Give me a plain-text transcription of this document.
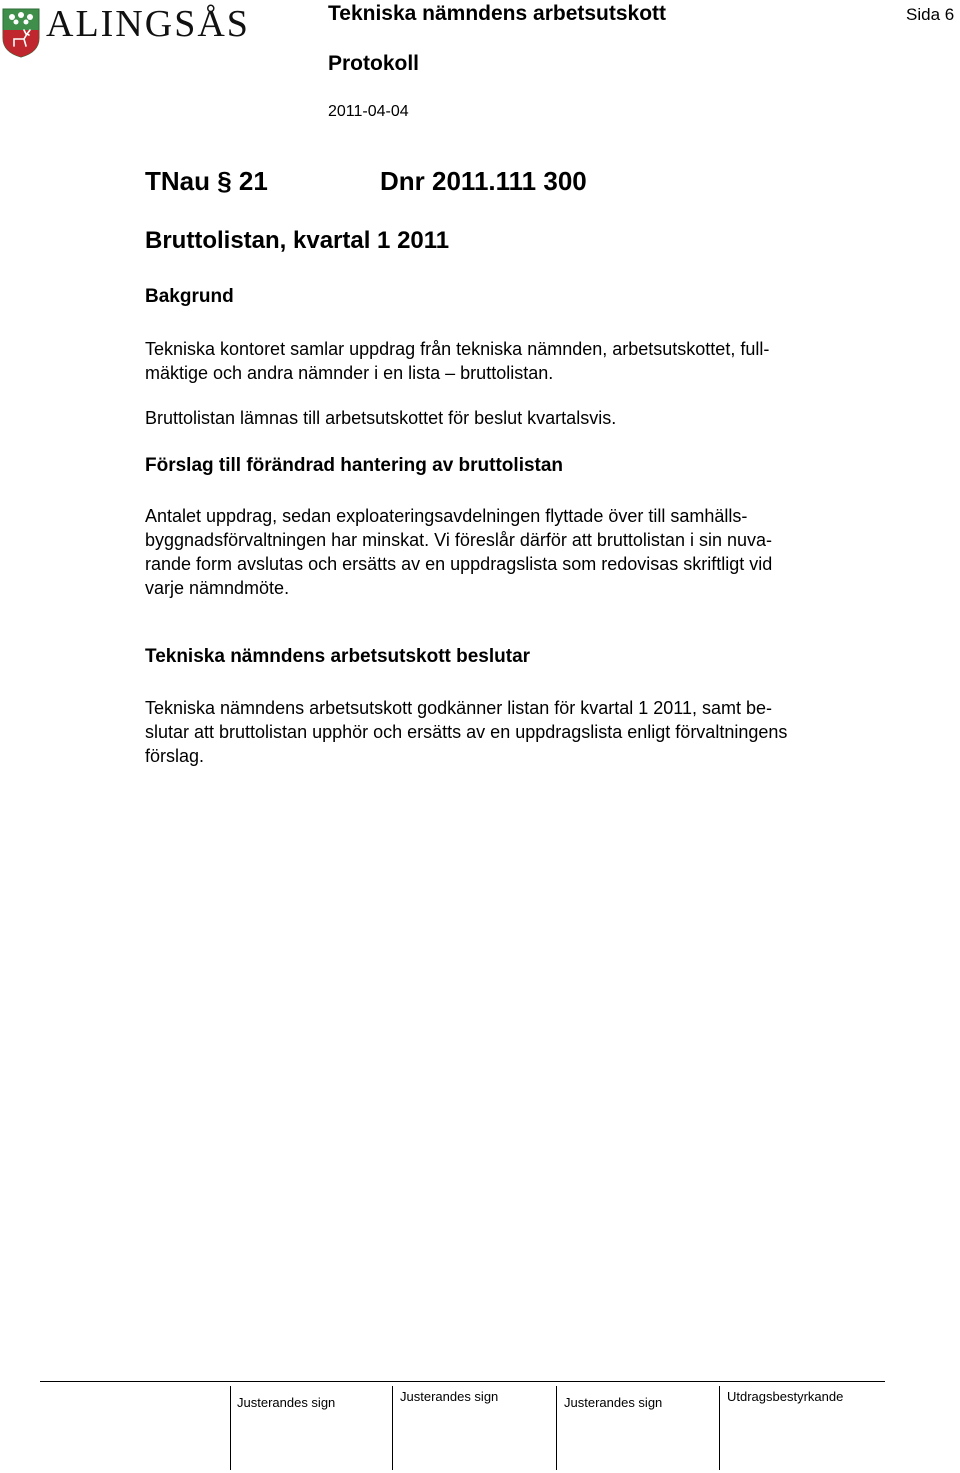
ALINGSÅS	Tekniska nämndens arbetsutskott	Sida 6
Protokoll
2011-04-04
TNau § 21	Dnr 2011.111 300
Bruttolistan, kvartal 1 2011
Bakgrund
Tekniska kontoret samlar uppdrag från tekniska nämnden, arbetsutskottet, full-
mäktige och andra nämnder i en lista – bruttolistan.
Bruttolistan lämnas till arbetsutskottet för beslut kvartalsvis.
Förslag till förändrad hantering av bruttolistan
Antalet uppdrag, sedan exploateringsavdelningen flyttade över till samhälls-
byggnadsförvaltningen har minskat. Vi föreslår därför att bruttolistan i sin nuva-
rande form avslutas och ersätts av en uppdragslista som redovisas skriftligt vid
varje nämndmöte.
Tekniska nämndens arbetsutskott beslutar
Tekniska nämndens arbetsutskott godkänner listan för kvartal 1 2011, samt be-
slutar att bruttolistan upphör och ersätts av en uppdragslista enligt förvaltningens
förslag.
Justerandes sign	Justerandes sign	Justerandes sign	Utdragsbestyrkande
